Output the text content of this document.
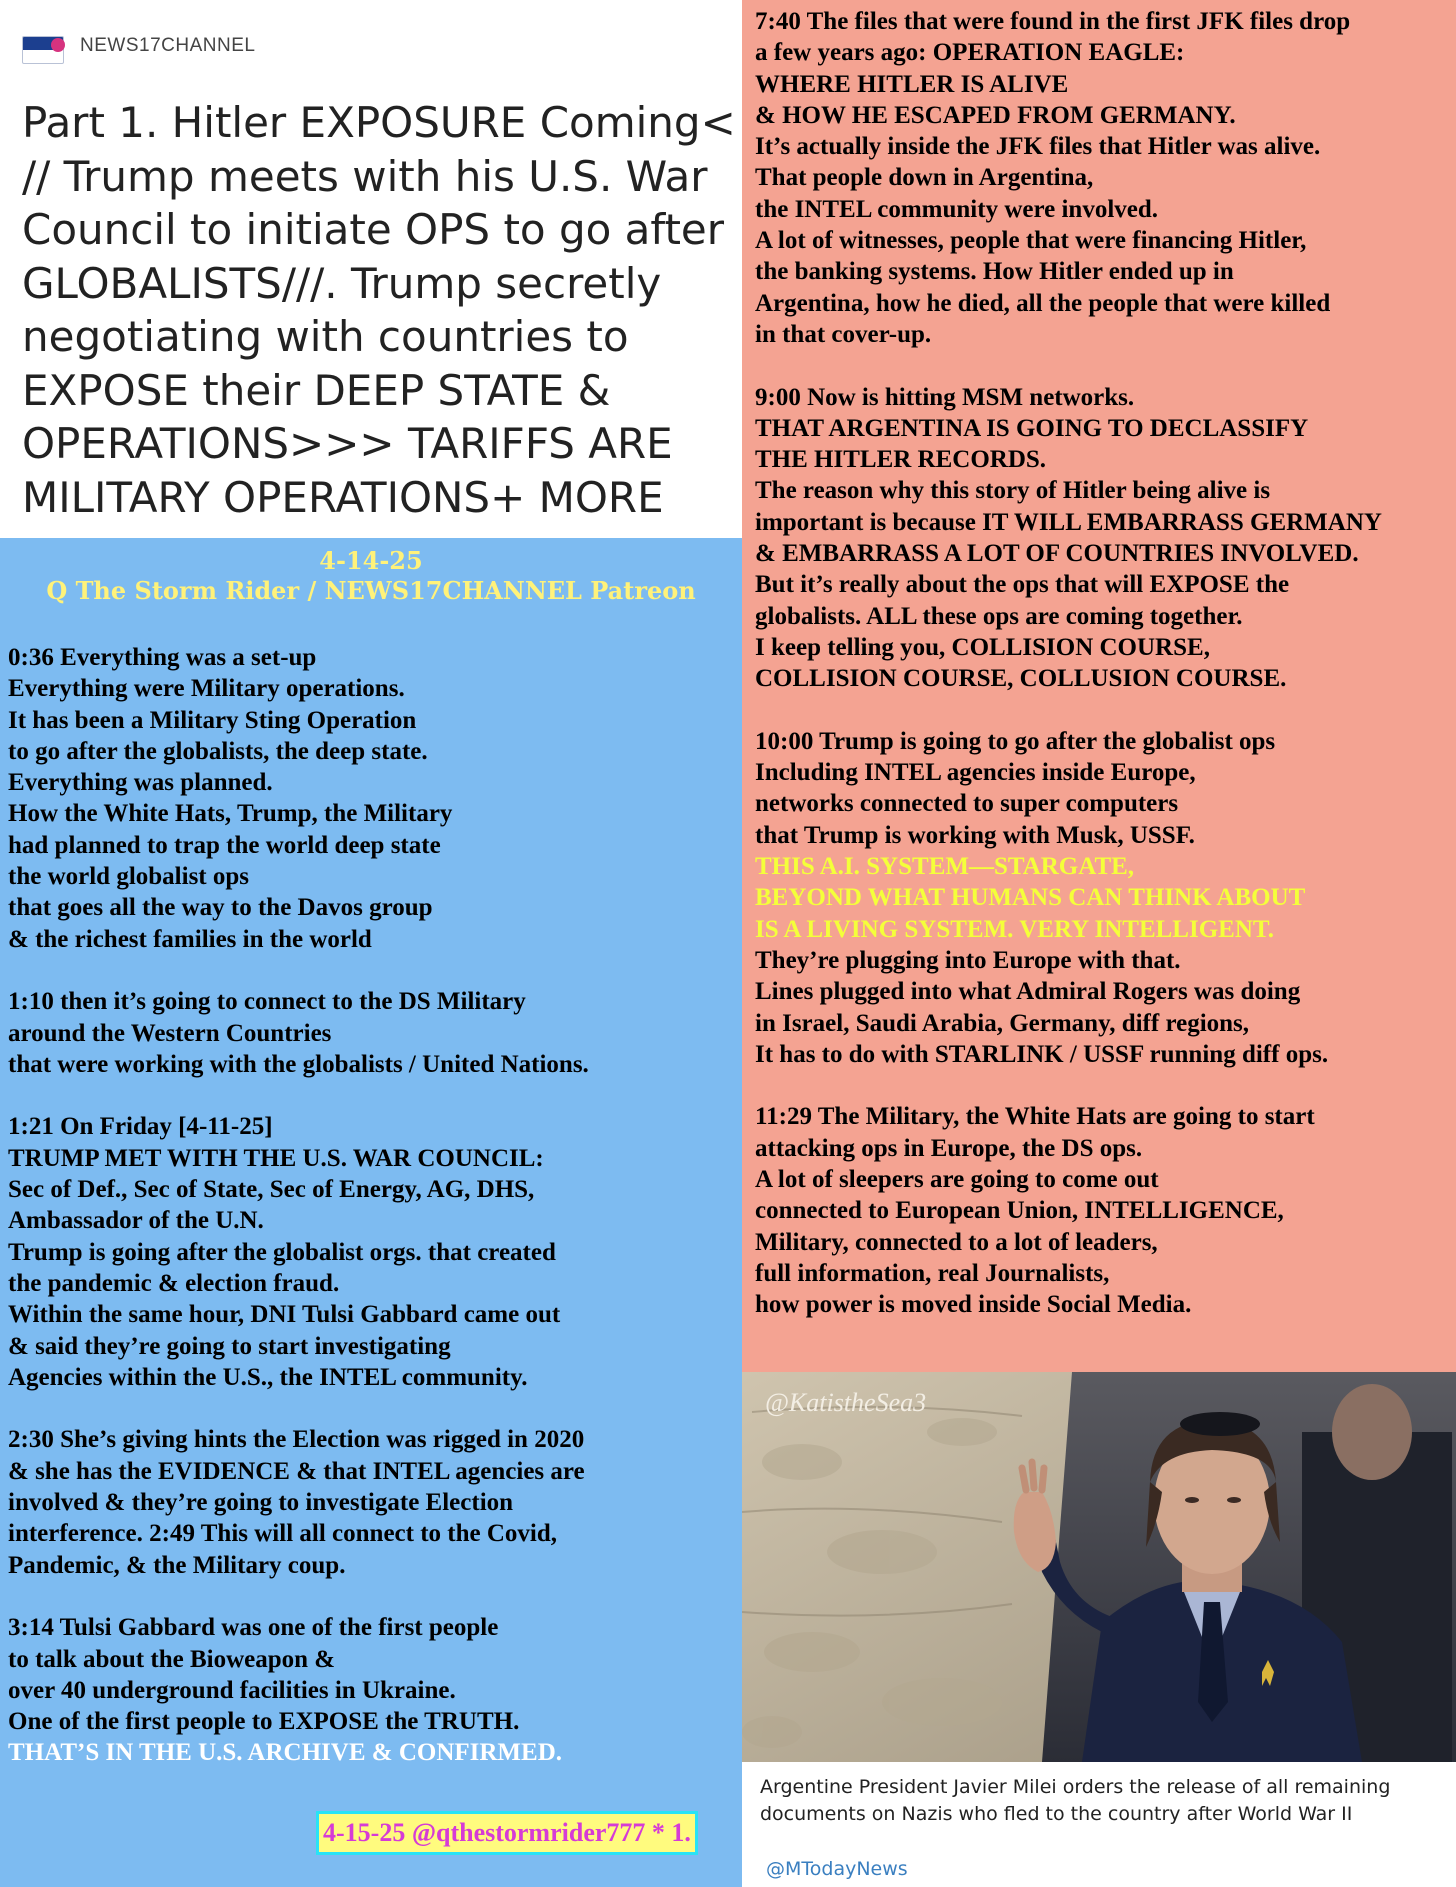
NEWS17CHANNEL
Part 1. Hitler EXPOSURE Coming<
// Trump meets with his U.S. War
Council to initiate OPS to go after
GLOBALISTS///. Trump secretly
negotiating with countries to
EXPOSE their DEEP STATE &
OPERATIONS>>> TARIFFS ARE
MILITARY OPERATIONS+ MORE
4-14-25
Q The Storm Rider / NEWS17CHANNEL Patreon
0:36 Everything was a set-up
Everything were Military operations.
It has been a Military Sting Operation
to go after the globalists, the deep state.
Everything was planned.
How the White Hats, Trump, the Military
had planned to trap the world deep state
the world globalist ops
that goes all the way to the Davos group
& the richest families in the world
1:10 then it’s going to connect to the DS Military
around the Western Countries
that were working with the globalists / United Nations.
1:21 On Friday [4-11-25]
TRUMP MET WITH THE U.S. WAR COUNCIL:
Sec of Def., Sec of State, Sec of Energy, AG, DHS,
Ambassador of the U.N.
Trump is going after the globalist orgs. that created
the pandemic & election fraud.
Within the same hour, DNI Tulsi Gabbard came out
& said they’re going to start investigating
Agencies within the U.S., the INTEL community.
2:30 She’s giving hints the Election was rigged in 2020
& she has the EVIDENCE & that INTEL agencies are
involved & they’re going to investigate Election
interference. 2:49 This will all connect to the Covid,
Pandemic, & the Military coup.
3:14 Tulsi Gabbard was one of the first people
to talk about the Bioweapon &
over 40 underground facilities in Ukraine.
One of the first people to EXPOSE the TRUTH.
THAT’S IN THE U.S. ARCHIVE & CONFIRMED.
4-15-25 @qthestormrider777 * 1.
7:40 The files that were found in the first JFK files drop
a few years ago: OPERATION EAGLE:
WHERE HITLER IS ALIVE
& HOW HE ESCAPED FROM GERMANY.
It’s actually inside the JFK files that Hitler was alive.
That people down in Argentina,
the INTEL community were involved.
A lot of witnesses, people that were financing Hitler,
the banking systems. How Hitler ended up in
Argentina, how he died, all the people that were killed
in that cover-up.
9:00 Now is hitting MSM networks.
THAT ARGENTINA IS GOING TO DECLASSIFY
THE HITLER RECORDS.
The reason why this story of Hitler being alive is
important is because IT WILL EMBARRASS GERMANY
& EMBARRASS A LOT OF COUNTRIES INVOLVED.
But it’s really about the ops that will EXPOSE the
globalists. ALL these ops are coming together.
I keep telling you, COLLISION COURSE,
COLLISION COURSE, COLLUSION COURSE.
10:00 Trump is going to go after the globalist ops
Including INTEL agencies inside Europe,
networks connected to super computers
that Trump is working with Musk, USSF.
THIS A.I. SYSTEM—STARGATE,
BEYOND WHAT HUMANS CAN THINK ABOUT
IS A LIVING SYSTEM. VERY INTELLIGENT.
They’re plugging into Europe with that.
Lines plugged into what Admiral Rogers was doing
in Israel, Saudi Arabia, Germany, diff regions,
It has to do with STARLINK / USSF running diff ops.
11:29 The Military, the White Hats are going to start
attacking ops in Europe, the DS ops.
A lot of sleepers are going to come out
connected to European Union, INTELLIGENCE,
Military, connected to a lot of leaders,
full information, real Journalists,
how power is moved inside Social Media.
@KatistheSea3
Argentine President Javier Milei orders the release of all remaining documents on Nazis who fled to the country after World War II
@MTodayNews
